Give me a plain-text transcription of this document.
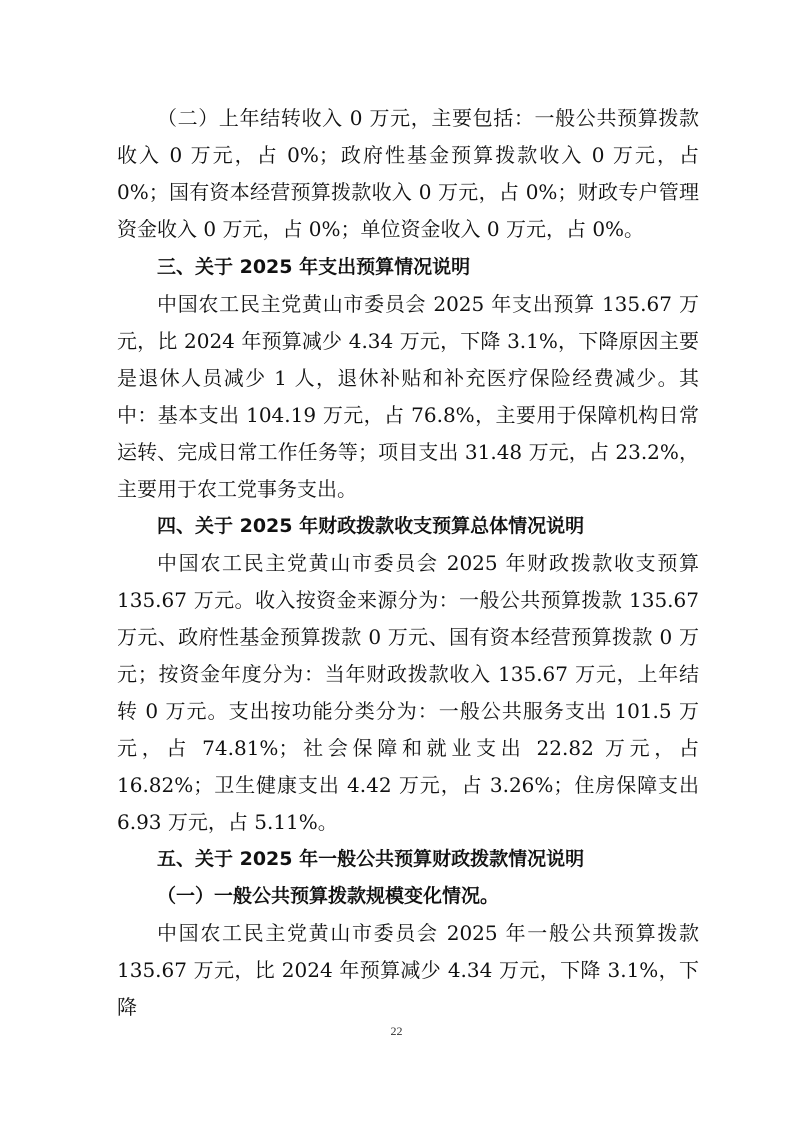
（二）上年结转收入 0 万元，主要包括：一般公共预算拨款收入 0 万元，占 0%；政府性基金预算拨款收入 0 万元，占 0%；国有资本经营预算拨款收入 0 万元，占 0%；财政专户管理资金收入 0 万元，占 0%；单位资金收入 0 万元，占 0%。

三、关于 2025 年支出预算情况说明

中国农工民主党黄山市委员会 2025 年支出预算 135.67 万元，比 2024 年预算减少 4.34 万元，下降 3.1%，下降原因主要是退休人员减少 1 人，退休补贴和补充医疗保险经费减少。其中：基本支出 104.19 万元，占 76.8%，主要用于保障机构日常运转、完成日常工作任务等；项目支出 31.48 万元，占 23.2%，主要用于农工党事务支出。

四、关于 2025 年财政拨款收支预算总体情况说明

中国农工民主党黄山市委员会 2025 年财政拨款收支预算 135.67 万元。收入按资金来源分为：一般公共预算拨款 135.67 万元、政府性基金预算拨款 0 万元、国有资本经营预算拨款 0 万元；按资金年度分为：当年财政拨款收入 135.67 万元，上年结转 0 万元。支出按功能分类分为：一般公共服务支出 101.5 万元，占 74.81%；社会保障和就业支出 22.82 万元，占 16.82%；卫生健康支出 4.42 万元，占 3.26%；住房保障支出 6.93 万元，占 5.11%。

五、关于 2025 年一般公共预算财政拨款情况说明
（一）一般公共预算拨款规模变化情况。

中国农工民主党黄山市委员会 2025 年一般公共预算拨款 135.67 万元，比 2024 年预算减少 4.34 万元，下降 3.1%，下降

22
